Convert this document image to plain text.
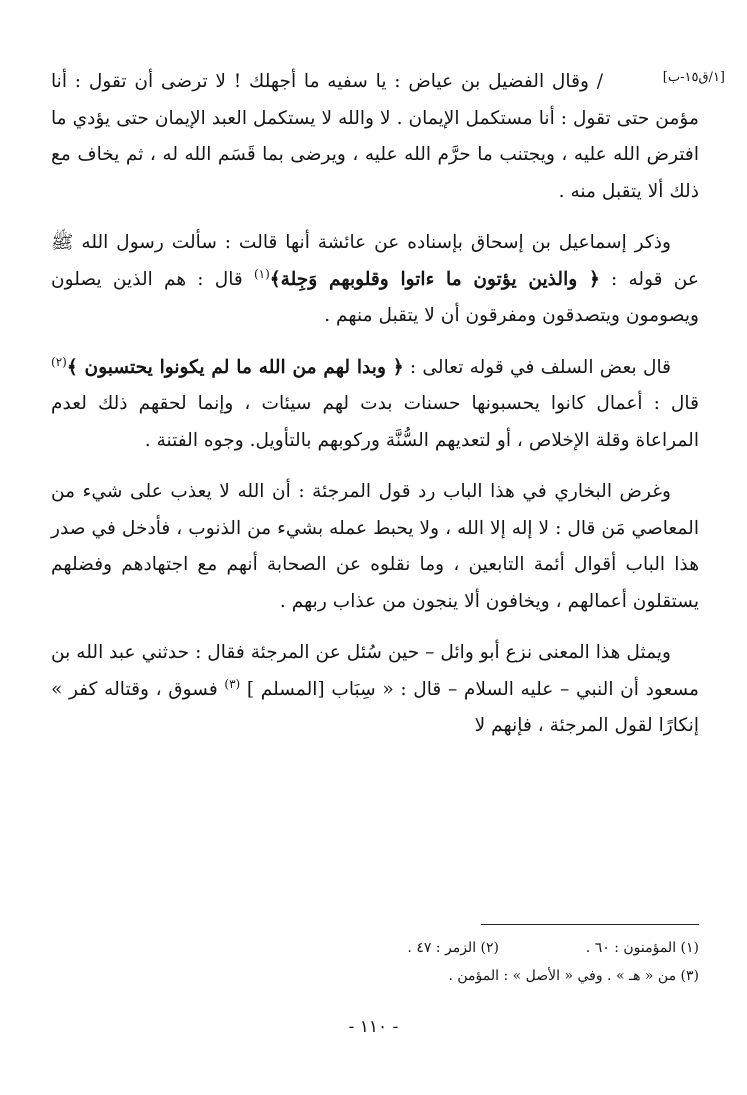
[١/ق١٥-ب]

/ وقال الفضيل بن عياض : يا سفيه ما أجهلك ! لا ترضى أن تقول : أنا مؤمن حتى تقول : أنا مستكمل الإيمان . لا والله لا يستكمل العبد الإيمان حتى يؤدي ما افترض الله عليه ، ويجتنب ما حرَّم الله عليه ، ويرضى بما قَسَم الله له ، ثم يخاف مع ذلك ألا يتقبل منه .

وذكر إسماعيل بن إسحاق بإسناده عن عائشة أنها قالت : سألت رسول الله ﷺ عن قوله : ﴿ والذين يؤتون ما ءاتوا وقلوبهم وَجِلة﴾$^{(١)}$ قال : هم الذين يصلون ويصومون ويتصدقون ومفرقون أن لا يتقبل منهم .

قال بعض السلف في قوله تعالى : ﴿ وبدا لهم من الله ما لم يكونوا يحتسبون ﴾$^{(٢)}$ قال : أعمال كانوا يحسبونها حسنات بدت لهم سيئات ، وإنما لحقهم ذلك لعدم المراعاة وقلة الإخلاص ، أو لتعديهم السُّنَّة وركوبهم بالتأويل. وجوه الفتنة .

وغرض البخاري في هذا الباب رد قول المرجئة : أن الله لا يعذب على شيء من المعاصي مَن قال : لا إله إلا الله ، ولا يحبط عمله بشيء من الذنوب ، فأدخل في صدر هذا الباب أقوال أئمة التابعين ، وما نقلوه عن الصحابة أنهم مع اجتهادهم وفضلهم يستقلون أعمالهم ، ويخافون ألا ينجون من عذاب ربهم .

ويمثل هذا المعنى نزع أبو وائل – حين سُئل عن المرجئة فقال : حدثني عبد الله بن مسعود أن النبي – عليه السلام – قال : « سِبَاب [المسلم ] $^{(٣)}$ فسوق ، وقتاله كفر » إنكارًا لقول المرجئة ، فإنهم لا

(١) المؤمنون : ٦٠ .
(٢) الزمر : ٤٧ .
(٣) من « هـ » . وفي « الأصل » : المؤمن .
- ١١٠ -
